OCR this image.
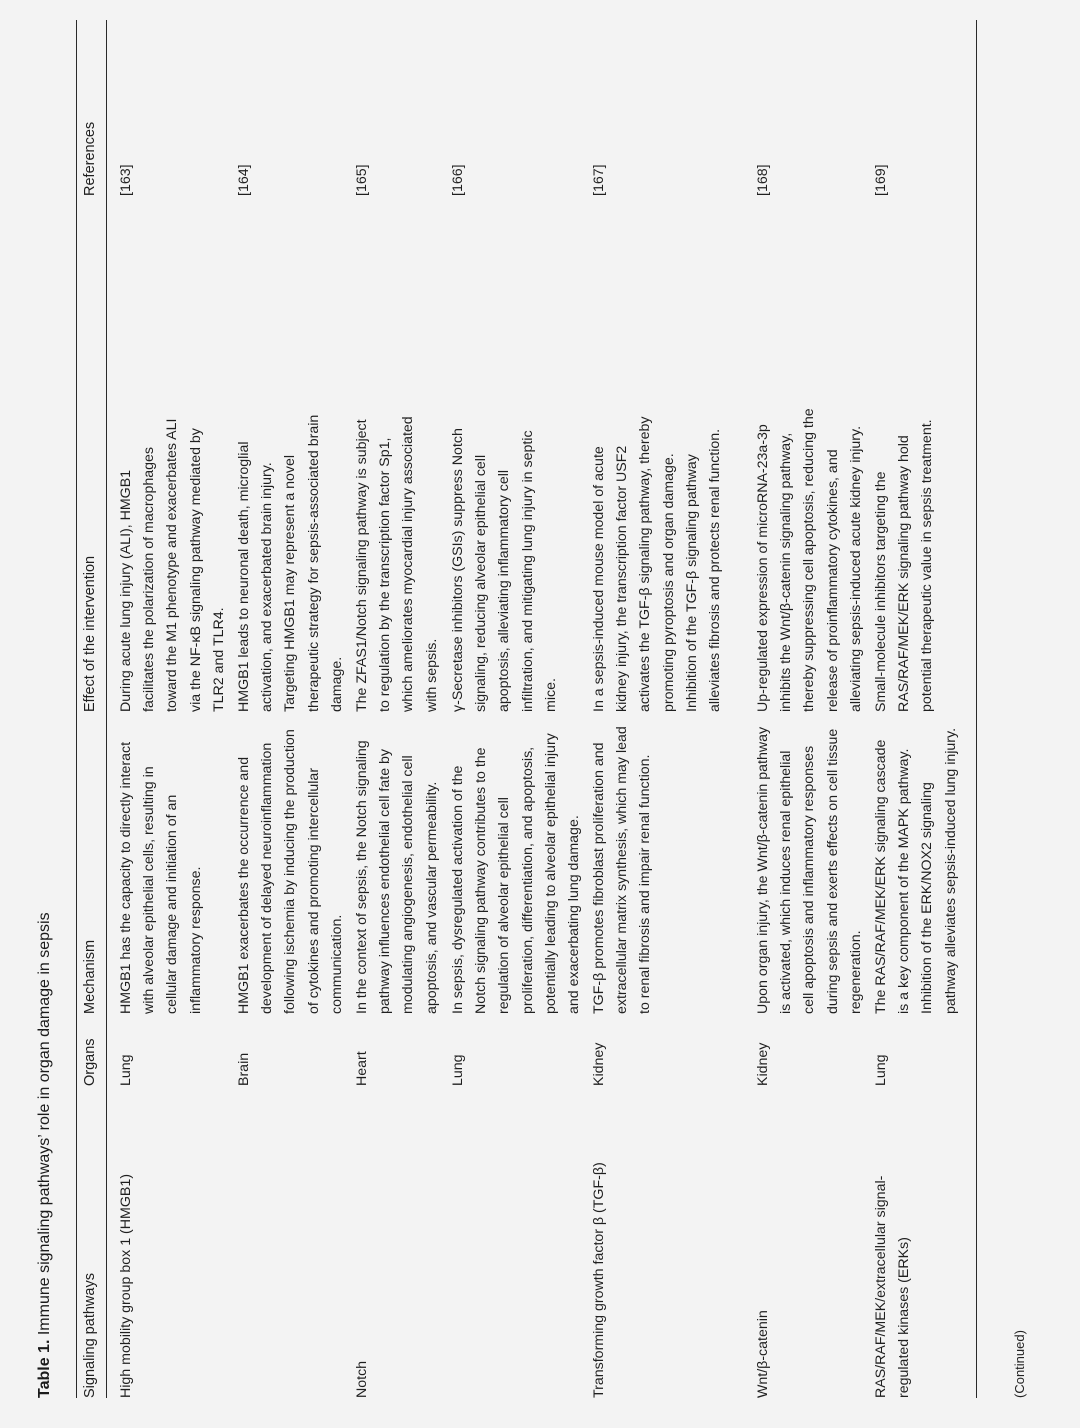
Table 1. Immune signaling pathways’ role in organ damage in sepsis
Signaling pathways
Organs
Mechanism
Effect of the intervention
References
High mobility group box 1 (HMGB1)
Lung
HMGB1 has the capacity to directly interact with alveolar epithelial cells, resulting in cellular damage and initiation of an inflammatory response.
During acute lung injury (ALI), HMGB1 facilitates the polarization of macrophages toward the M1 phenotype and exacerbates ALI via the NF-κB signaling pathway mediated by TLR2 and TLR4.
[163]
Brain
HMGB1 exacerbates the occurrence and development of delayed neuroinflammation following ischemia by inducing the production of cytokines and promoting intercellular communication.
HMGB1 leads to neuronal death, microglial activation, and exacerbated brain injury. Targeting HMGB1 may represent a novel therapeutic strategy for sepsis-associated brain damage.
[164]
Notch
Heart
In the context of sepsis, the Notch signaling pathway influences endothelial cell fate by modulating angiogenesis, endothelial cell apoptosis, and vascular permeability.
The ZFAS1/Notch signaling pathway is subject to regulation by the transcription factor Sp1, which ameliorates myocardial injury associated with sepsis.
[165]
Lung
In sepsis, dysregulated activation of the Notch signaling pathway contributes to the regulation of alveolar epithelial cell proliferation, differentiation, and apoptosis, potentially leading to alveolar epithelial injury and exacerbating lung damage.
γ-Secretase inhibitors (GSIs) suppress Notch signaling, reducing alveolar epithelial cell apoptosis, alleviating inflammatory cell infiltration, and mitigating lung injury in septic mice.
[166]
Transforming growth factor β (TGF-β)
Kidney
TGF-β promotes fibroblast proliferation and extracellular matrix synthesis, which may lead to renal fibrosis and impair renal function.
In a sepsis-induced mouse model of acute kidney injury, the transcription factor USF2 activates the TGF-β signaling pathway, thereby promoting pyroptosis and organ damage. Inhibition of the TGF-β signaling pathway alleviates fibrosis and protects renal function.
[167]
Wnt/β-catenin
Kidney
Upon organ injury, the Wnt/β-catenin pathway is activated, which induces renal epithelial cell apoptosis and inflammatory responses during sepsis and exerts effects on cell tissue regeneration.
Up-regulated expression of microRNA-23a-3p inhibits the Wnt/β-catenin signaling pathway, thereby suppressing cell apoptosis, reducing the release of proinflammatory cytokines, and alleviating sepsis-induced acute kidney injury.
[168]
RAS/RAF/MEK/extracellular signal-regulated kinases (ERKs)
Lung
The RAS/RAF/MEK/ERK signaling cascade is a key component of the MAPK pathway. Inhibition of the ERK/NOX2 signaling pathway alleviates sepsis-induced lung injury.
Small-molecule inhibitors targeting the RAS/RAF/MEK/ERK signaling pathway hold potential therapeutic value in sepsis treatment.
[169]
(Continued)
